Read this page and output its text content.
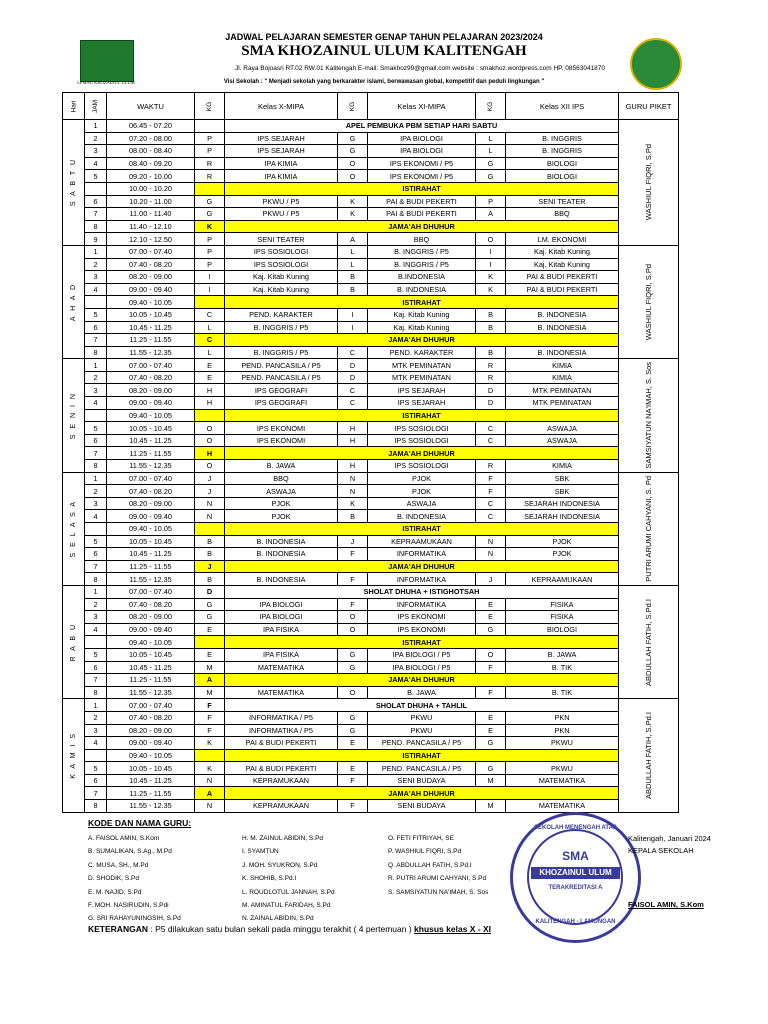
LPMNU KHOZAINUL ULUM
JADWAL PELAJARAN SEMESTER GENAP TAHUN PELAJARAN 2023/2024
SMA KHOZAINUL ULUM KALITENGAH
Jl. Raya Bojoasri RT.02 RW.01 Kalitengah E-mail: Smakhoz99@gmail.com website : smakhoz.wordpress.com HP. 08563041870
Visi Sekolah : " Menjadi sekolah yang berkarakter islami, berwawasan global, kompetitif dan peduli lingkungan "
Hari	JAM	WAKTU	KG	Kelas X-MIPA	KG	Kelas XI-MIPA	KG	Kelas XII IPS	GURU PIKET

S A B T U	1	06.45 - 07.20		APEL PEMBUKA PBM SETIAP HARI SABTU					WASHIUL FIQRI, S.Pd

	2	07.20 - 08.00	P	IPS SEJARAH	G	IPA BIOLOGI	L	B. INGGRIS	
	3	08.00 - 08.40	P	IPS SEJARAH	G	IPA BIOLOGI	L	B. INGGRIS	
	4	08.40 - 09.20	R	IPA KIMIA	O	IPS EKONOMI / P5	G	BIOLOGI	
	5	09.20 - 10.00	R	IPA KIMIA	O	IPS EKONOMI / P5	G	BIOLOGI	
		10.00 - 10.20		ISTIRAHAT					
	6	10.20 - 11.00	G	PKWU / P5	K	PAI & BUDI PEKERTI	P	SENI TEATER	
	7	11.00 - 11.40	G	PKWU / P5	K	PAI & BUDI PEKERTI	A	BBQ	
	8	11.40 - 12.10	K	JAMA'AH DHUHUR					
	9	12.10 - 12.50	P	SENI TEATER	A	BBQ	O	LM. EKONOMI	

A H A D	1	07.00 - 07.40	P	IPS SOSIOLOGI	L	B. INGGRIS / P5	I	Kaj. Kitab Kuning	WASHIUL FIQRI, S.Pd

	2	07.40 - 08.20	P	IPS SOSIOLOGI	L	B. INGGRIS / P5	I	Kaj. Kitab Kuning	
	3	08.20 - 09.00	I	Kaj. Kitab Kuning	B	B.INDONESIA	K	PAI & BUDI PEKERTI	
	4	09.00 - 09.40	I	Kaj. Kitab Kuning	B	B. INDONESIA	K	PAI & BUDI PEKERTI	
		09.40 - 10.05		ISTIRAHAT					
	5	10.05 - 10.45	C	PEND. KARAKTER	I	Kaj. Kitab Kuning	B	B. INDONESIA	
	6	10.45 - 11.25	L	B. INGGRIS / P5	I	Kaj. Kitab Kuning	B	B. INDONESIA	
	7	11.25 - 11.55	C	JAMA'AH DHUHUR					
	8	11.55 - 12.35	L	B. INGGRIS / P5	C	PEND. KARAKTER	B	B. INDONESIA	

S E N I N	1	07.00 - 07.40	E	PEND. PANCASILA / P5	D	MTK PEMINATAN	R	KIMIA	SAMSIYATUN NA'IMAH, S. Sos

	2	07.40 - 08.20	E	PEND. PANCASILA / P5	D	MTK PEMINATAN	R	KIMIA	
	3	08.20 - 09.00	H	IPS GEOGRAFI	C	IPS SEJARAH	D	MTK PEMINATAN	
	4	09.00 - 09.40	H	IPS GEOGRAFI	C	IPS SEJARAH	D	MTK PEMINATAN	
		09.40 - 10.05		ISTIRAHAT					
	5	10.05 - 10.45	O	IPS EKONOMI	H	IPS SOSIOLOGI	C	ASWAJA	
	6	10.45 - 11.25	O	IPS EKONOMI	H	IPS SOSIOLOGI	C	ASWAJA	
	7	11.25 - 11.55	H	JAMA'AH DHUHUR					
	8	11.55 - 12.35	O	B. JAWA	H	IPS SOSIOLOGI	R	KIMIA	

S E L A S A	1	07.00 - 07.40	J	BBQ	N	PJOK	F	SBK	PUTRI ARUMI CAHYANI, S. Pd

	2	07.40 - 08.20	J	ASWAJA	N	PJOK	F	SBK	
	3	08.20 - 09.00	N	PJOK	K	ASWAJA	C	SEJARAH INDONESIA	
	4	09.00 - 09.40	N	PJOK	B	B. INDONESIA	C	SEJARAH INDONESIA	
		09.40 - 10.05		ISTIRAHAT					
	5	10.05 - 10.45	B	B. INDONESIA	J	KEPRAAMUKAAN	N	PJOK	
	6	10.45 - 11.25	B	B. INDONESIA	F	INFORMATIKA	N	PJOK	
	7	11.25 - 11.55	J	JAMA'AH DHUHUR					
	8	11.55 - 12.35	B	B. INDONESIA	F	INFORMATIKA	J	KEPRAAMUKAAN	

R A B U	1	07.00 - 07.40	D	SHOLAT DHUHA + ISTIGHOTSAH					ABDULLAH FATIH, S.Pd.I

	2	07.40 - 08.20	G	IPA BIOLOGI	F	INFORMATIKA	E	FISIKA	
	3	08.20 - 09.00	G	IPA BIOLOGI	O	IPS EKONOMI	E	FISIKA	
	4	09.00 - 09.40	E	IPA FISIKA	O	IPS EKONOMI	G	BIOLOGI	
		09.40 - 10.05		ISTIRAHAT					
	5	10.05 - 10.45	E	IPA FISIKA	G	IPA BIOLOGI / P5	O	B. JAWA	
	6	10.45 - 11.25	M	MATEMATIKA	G	IPA BIOLOGI / P5	F	B. TIK	
	7	11.25 - 11.55	A	JAMA'AH DHUHUR					
	8	11.55 - 12.35	M	MATEMATIKA	O	B. JAWA	F	B. TIK	

K A M I S	1	07.00 - 07.40	F	SHOLAT DHUHA + TAHLIL					ABDULLAH FATIH, S.Pd.I

	2	07.40 - 08.20	F	INFORMATIKA / P5	G	PKWU	E	PKN	
	3	08.20 - 09.00	F	INFORMATIKA / P5	G	PKWU	E	PKN	
	4	09.00 - 09.40	K	PAI & BUDI PEKERTI	E	PEND. PANCASILA / P5	G	PKWU	
		09.40 - 10.05		ISTIRAHAT					
	5	10.05 - 10.45	K	PAI & BUDI PEKERTI	E	PEND. PANCASILA / P5	G	PKWU	
	6	10.45 - 11.25	N	KEPRAMUKAAN	F	SENI BUDAYA	M	MATEMATIKA	
	7	11.25 - 11.55	A	JAMA'AH DHUHUR					
	8	11.55 - 12.35	N	KEPRAMUKAAN	F	SENI BUDAYA	M	MATEMATIKA	
KODE DAN NAMA GURU:
A. FAISOL AMIN, S.Kom
B. SUMALIKAN, S.Ag., M.Pd
C. MUSA, SH., M.Pd
D. SHODIK, S.Pd
E. M. NAJID, S.Pd
F. MOH. NASIRUDIN, S.Pdi
G. SRI RAHAYUNINGSIH, S.Pd
H. M. ZAINUL ABIDIN, S.Pd
I. SYAMTUN
J. MOH. SYUKRON, S.Pd
K. SHOHIB, S.Pd.I
L. ROUDLOTUL JANNAH, S.Pd
M. AMINATUL FARIDAH, S.Pd
N. ZAINAL ABIDIN, S.Pd
O. FETI FITRIYAH, SE
P. WASHIUL FIQRI, S.Pd
Q. ABDULLAH FATIH, S.Pd.I
R. PUTRI ARUMI CAHYANI, S.Pd
S. SAMSIYATUN NA'IMAH, S. Sos
SEKOLAH MENENGAH ATAS
SMA
KHOZAINUL ULUM
TERAKREDITASI A
KALITENGAH - LAMONGAN
Kalitengah, Januari 2024
KEPALA SEKOLAH
FAISOL AMIN, S.Kom
KETERANGAN : P5 dilakukan satu bulan sekali pada minggu terakhit ( 4 pertemuan ) khusus kelas X - XI
